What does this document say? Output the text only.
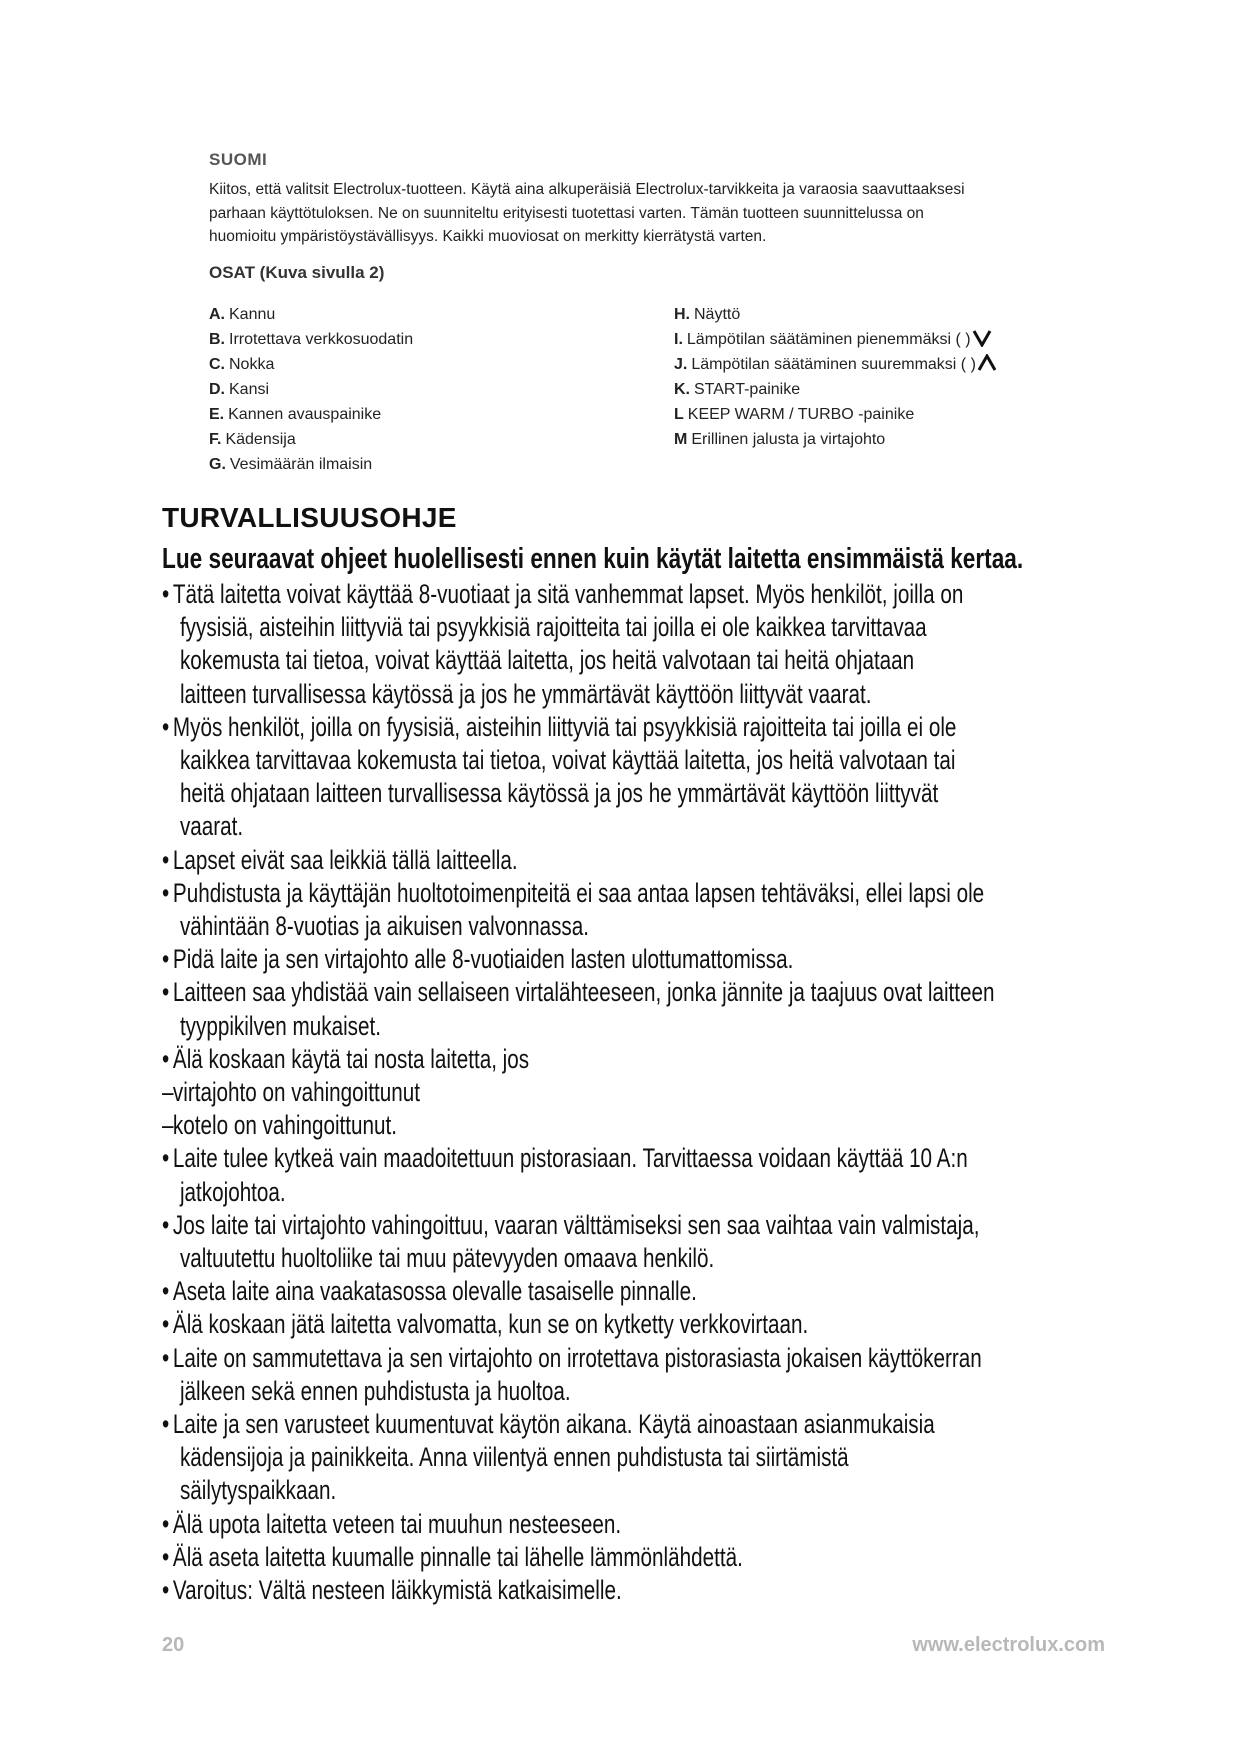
SUOMI
Kiitos, että valitsit Electrolux-tuotteen. Käytä aina alkuperäisiä Electrolux-tarvikkeita ja varaosia saavuttaaksesi
parhaan käyttötuloksen. Ne on suunniteltu erityisesti tuotettasi varten. Tämän tuotteen suunnittelussa on
huomioitu ympäristöystävällisyys. Kaikki muoviosat on merkitty kierrätystä varten.
OSAT (Kuva sivulla 2)
A. Kannu
B. Irrotettava verkkosuodatin
C. Nokka
D. Kansi
E. Kannen avauspainike
F. Kädensija
G. Vesimäärän ilmaisin
H. Näyttö
I. Lämpötilan säätäminen pienemmäksi ( )
J. Lämpötilan säätäminen suuremmaksi ( )
K. START-painike
L KEEP WARM / TURBO -painike
M Erillinen jalusta ja virtajohto
TURVALLISUUSOHJE
Lue seuraavat ohjeet huolellisesti ennen kuin käytät laitetta ensimmäistä kertaa.
• Tätä laitetta voivat käyttää 8-vuotiaat ja sitä vanhemmat lapset. Myös henkilöt, joilla on
fyysisiä, aisteihin liittyviä tai psyykkisiä rajoitteita tai joilla ei ole kaikkea tarvittavaa
kokemusta tai tietoa, voivat käyttää laitetta, jos heitä valvotaan tai heitä ohjataan
laitteen turvallisessa käytössä ja jos he ymmärtävät käyttöön liittyvät vaarat.
• Myös henkilöt, joilla on fyysisiä, aisteihin liittyviä tai psyykkisiä rajoitteita tai joilla ei ole
kaikkea tarvittavaa kokemusta tai tietoa, voivat käyttää laitetta, jos heitä valvotaan tai
heitä ohjataan laitteen turvallisessa käytössä ja jos he ymmärtävät käyttöön liittyvät
vaarat.
• Lapset eivät saa leikkiä tällä laitteella.
• Puhdistusta ja käyttäjän huoltotoimenpiteitä ei saa antaa lapsen tehtäväksi, ellei lapsi ole
vähintään 8-vuotias ja aikuisen valvonnassa.
• Pidä laite ja sen virtajohto alle 8-vuotiaiden lasten ulottumattomissa.
• Laitteen saa yhdistää vain sellaiseen virtalähteeseen, jonka jännite ja taajuus ovat laitteen
tyyppikilven mukaiset.
• Älä koskaan käytä tai nosta laitetta, jos
–virtajohto on vahingoittunut
–kotelo on vahingoittunut.
• Laite tulee kytkeä vain maadoitettuun pistorasiaan. Tarvittaessa voidaan käyttää 10 A:n
jatkojohtoa.
• Jos laite tai virtajohto vahingoittuu, vaaran välttämiseksi sen saa vaihtaa vain valmistaja,
valtuutettu huoltoliike tai muu pätevyyden omaava henkilö.
• Aseta laite aina vaakatasossa olevalle tasaiselle pinnalle.
• Älä koskaan jätä laitetta valvomatta, kun se on kytketty verkkovirtaan.
• Laite on sammutettava ja sen virtajohto on irrotettava pistorasiasta jokaisen käyttökerran
jälkeen sekä ennen puhdistusta ja huoltoa.
• Laite ja sen varusteet kuumentuvat käytön aikana. Käytä ainoastaan asianmukaisia
kädensijoja ja painikkeita. Anna viilentyä ennen puhdistusta tai siirtämistä
säilytyspaikkaan.
• Älä upota laitetta veteen tai muuhun nesteeseen.
• Älä aseta laitetta kuumalle pinnalle tai lähelle lämmönlähdettä.
• Varoitus: Vältä nesteen läikkymistä katkaisimelle.
20	www.electrolux.com
